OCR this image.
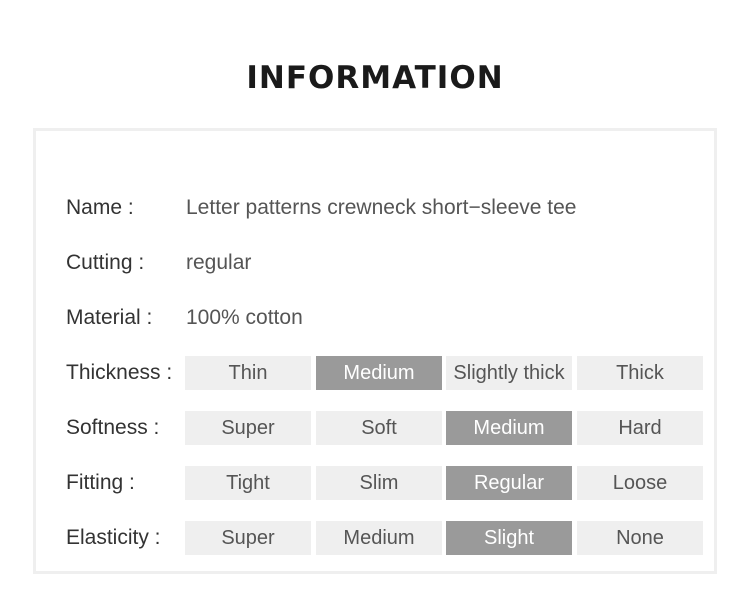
INFORMATION
Name : Letter patterns crewneck short−sleeve tee
Cutting : regular
Material : 100% cotton
Thickness :	Thin	Medium	Slightly thick	Thick
Softness :	Super	Soft	Medium	Hard
Fitting :	Tight	Slim	Regular	Loose
Elasticity :	Super	Medium	Slight	None
